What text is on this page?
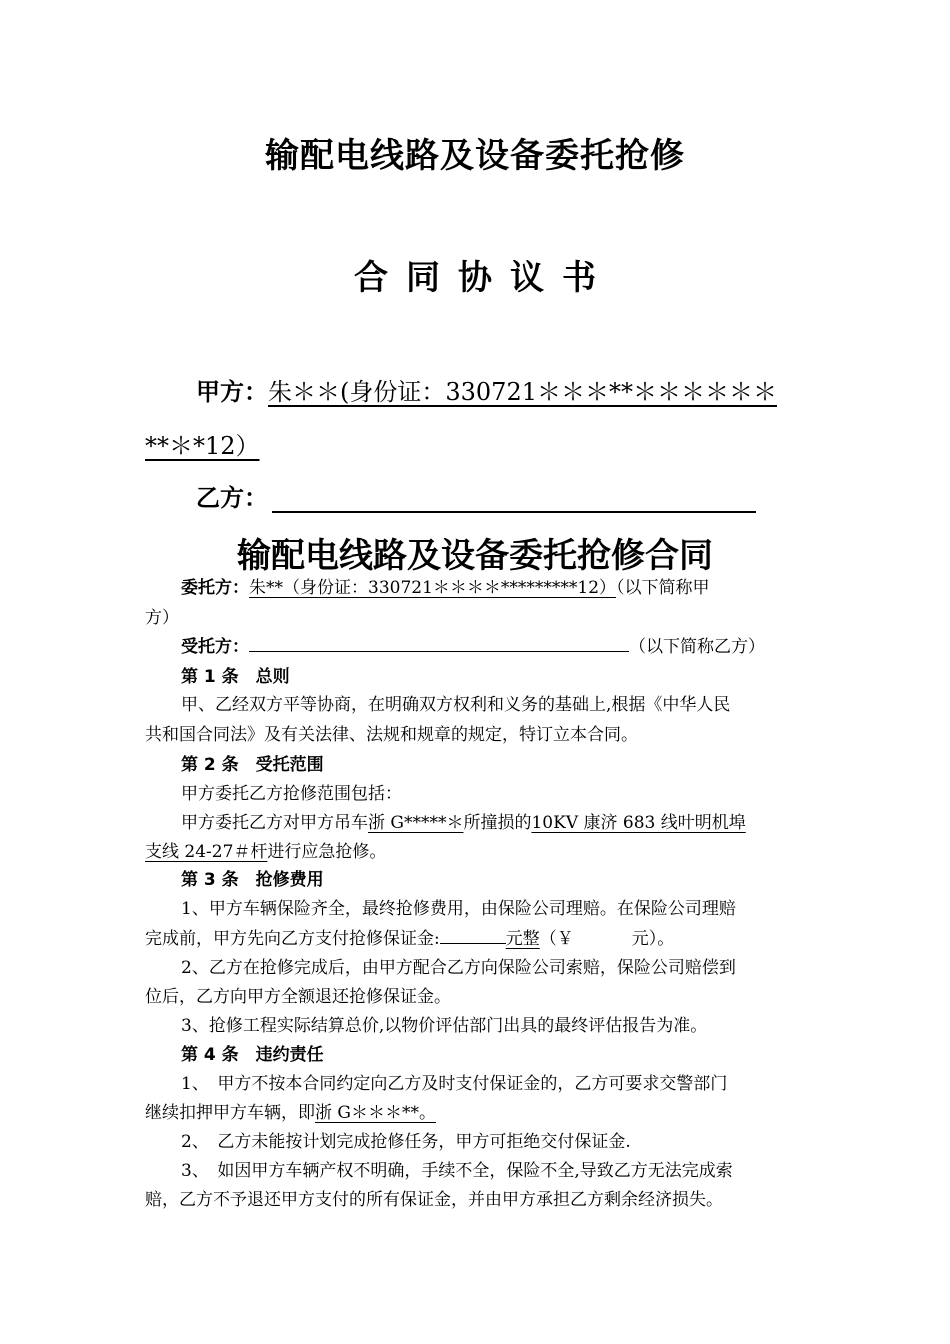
输配电线路及设备委托抢修
合同协议书
甲方：朱＊＊(身份证：330721＊＊＊**＊＊＊＊＊＊
**＊*12）
乙方：
输配电线路及设备委托抢修合同
委托方：朱**（身份证：330721＊＊＊＊*********12）（以下简称甲
方）
受托方：	（以下简称乙方）
第 1 条　总则
甲、乙经双方平等协商，在明确双方权利和义务的基础上,根据《中华人民
共和国合同法》及有关法律、法规和规章的规定，特订立本合同。
第 2 条　受托范围
甲方委托乙方抢修范围包括：
甲方委托乙方对甲方吊车浙 G*****＊所撞损的10KV 康济 683 线叶明机埠
支线 24-27＃杆进行应急抢修。
第 3 条　抢修费用
1、甲方车辆保险齐全，最终抢修费用，由保险公司理赔。在保险公司理赔
完成前，甲方先向乙方支付抢修保证金:	元整（￥	元）。
2、乙方在抢修完成后，由甲方配合乙方向保险公司索赔，保险公司赔偿到
位后，乙方向甲方全额退还抢修保证金。
3、抢修工程实际结算总价,以物价评估部门出具的最终评估报告为准。
第 4 条　违约责任
1、　甲方不按本合同约定向乙方及时支付保证金的，乙方可要求交警部门
继续扣押甲方车辆，即浙 G＊＊＊**。
2、　乙方未能按计划完成抢修任务，甲方可拒绝交付保证金.
3、　如因甲方车辆产权不明确，手续不全，保险不全,导致乙方无法完成索
赔，乙方不予退还甲方支付的所有保证金，并由甲方承担乙方剩余经济损失。
